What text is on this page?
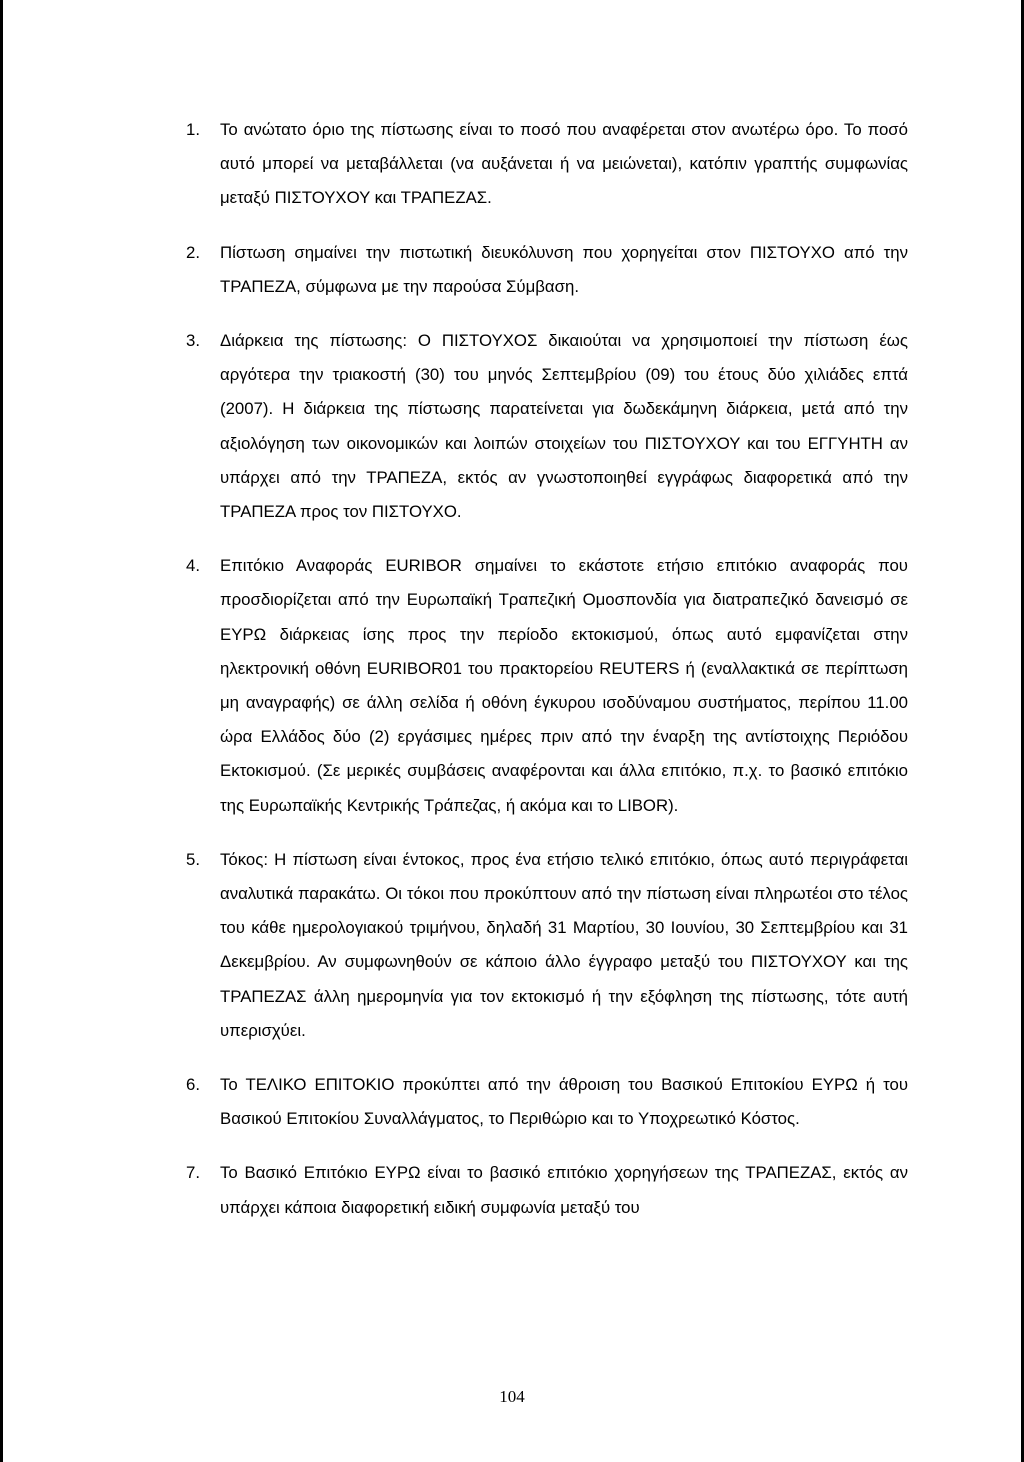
1. Το ανώτατο όριο της πίστωσης είναι το ποσό που αναφέρεται στον ανωτέρω όρο. Το ποσό αυτό μπορεί να μεταβάλλεται (να αυξάνεται ή να μειώνεται), κατόπιν γραπτής συμφωνίας μεταξύ ΠΙΣΤΟΥΧΟΥ και ΤΡΑΠΕΖΑΣ.
2. Πίστωση σημαίνει την πιστωτική διευκόλυνση που χορηγείται στον ΠΙΣΤΟΥΧΟ από την ΤΡΑΠΕΖΑ, σύμφωνα με την παρούσα Σύμβαση.
3. Διάρκεια της πίστωσης: Ο ΠΙΣΤΟΥΧΟΣ δικαιούται να χρησιμοποιεί την πίστωση έως αργότερα την τριακοστή (30) του μηνός Σεπτεμβρίου (09) του έτους δύο χιλιάδες επτά (2007). Η διάρκεια της πίστωσης παρατείνεται για δωδεκάμηνη διάρκεια, μετά από την αξιολόγηση των οικονομικών και λοιπών στοιχείων του ΠΙΣΤΟΥΧΟΥ και του ΕΓΓΥΗΤΗ αν υπάρχει από την ΤΡΑΠΕΖΑ, εκτός αν γνωστοποιηθεί εγγράφως διαφορετικά από την ΤΡΑΠΕΖΑ προς τον ΠΙΣΤΟΥΧΟ.
4. Επιτόκιο Αναφοράς EURIBOR σημαίνει το εκάστοτε ετήσιο επιτόκιο αναφοράς που προσδιορίζεται από την Ευρωπαϊκή Τραπεζική Ομοσπονδία για διατραπεζικό δανεισμό σε ΕΥΡΩ διάρκειας ίσης προς την περίοδο εκτοκισμού, όπως αυτό εμφανίζεται στην ηλεκτρονική οθόνη EURIBOR01 του πρακτορείου REUTERS ή (εναλλακτικά σε περίπτωση μη αναγραφής) σε άλλη σελίδα ή οθόνη έγκυρου ισοδύναμου συστήματος, περίπου 11.00 ώρα Ελλάδος δύο (2) εργάσιμες ημέρες πριν από την έναρξη της αντίστοιχης Περιόδου Εκτοκισμού. (Σε μερικές συμβάσεις αναφέρονται και άλλα επιτόκιο, π.χ. το βασικό επιτόκιο της Ευρωπαϊκής Κεντρικής Τράπεζας, ή ακόμα και το LIBOR).
5. Τόκος: Η πίστωση είναι έντοκος, προς ένα ετήσιο τελικό επιτόκιο, όπως αυτό περιγράφεται αναλυτικά παρακάτω. Οι τόκοι που προκύπτουν από την πίστωση είναι πληρωτέοι στο τέλος του κάθε ημερολογιακού τριμήνου, δηλαδή 31 Μαρτίου, 30 Ιουνίου, 30 Σεπτεμβρίου και 31 Δεκεμβρίου. Αν συμφωνηθούν σε κάποιο άλλο έγγραφο μεταξύ του ΠΙΣΤΟΥΧΟΥ και της ΤΡΑΠΕΖΑΣ άλλη ημερομηνία για τον εκτοκισμό ή την εξόφληση της πίστωσης, τότε αυτή υπερισχύει.
6. Το ΤΕΛΙΚΟ ΕΠΙΤΟΚΙΟ προκύπτει από την άθροιση του Βασικού Επιτοκίου ΕΥΡΩ ή του Βασικού Επιτοκίου Συναλλάγματος, το Περιθώριο και το Υποχρεωτικό Κόστος.
7. Το Βασικό Επιτόκιο ΕΥΡΩ είναι το βασικό επιτόκιο χορηγήσεων της ΤΡΑΠΕΖΑΣ, εκτός αν υπάρχει κάποια διαφορετική ειδική συμφωνία μεταξύ του
104
